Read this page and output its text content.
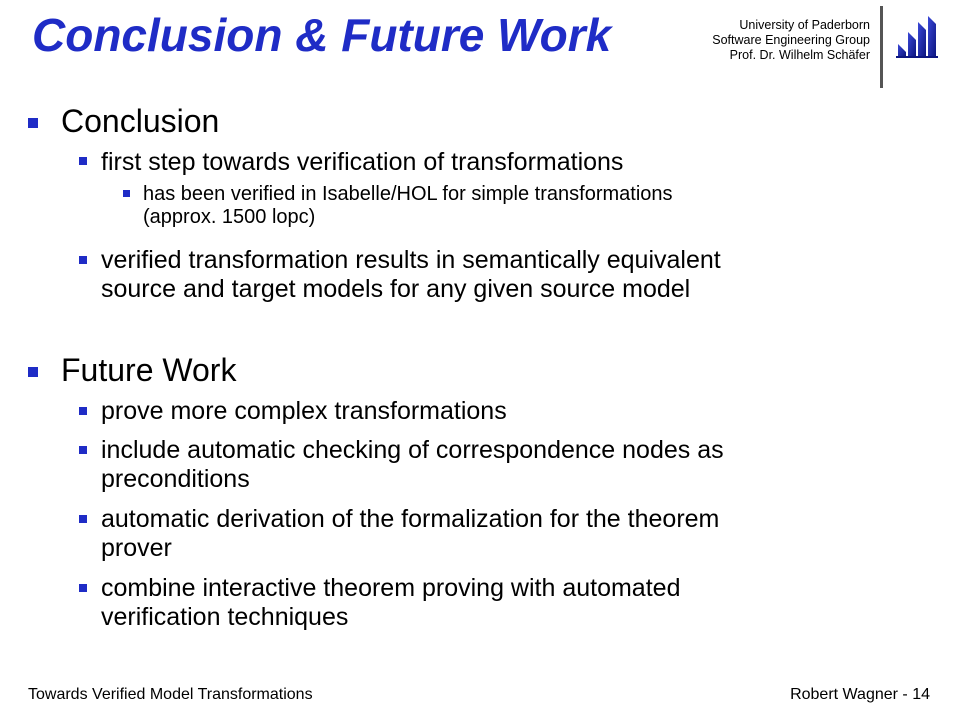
Conclusion & Future Work	University of Paderborn
Software Engineering Group
Prof. Dr. Wilhelm Schäfer
Conclusion
first step towards verification of transformations
has been verified in Isabelle/HOL for simple transformations
(approx. 1500 lopc)
verified transformation results in semantically equivalent
source and target models for any given source model
Future Work
prove more complex transformations
include automatic checking of correspondence nodes as
preconditions
automatic derivation of the formalization for the theorem
prover
combine interactive theorem proving with automated
verification techniques
Towards Verified Model Transformations	Robert Wagner - 14
